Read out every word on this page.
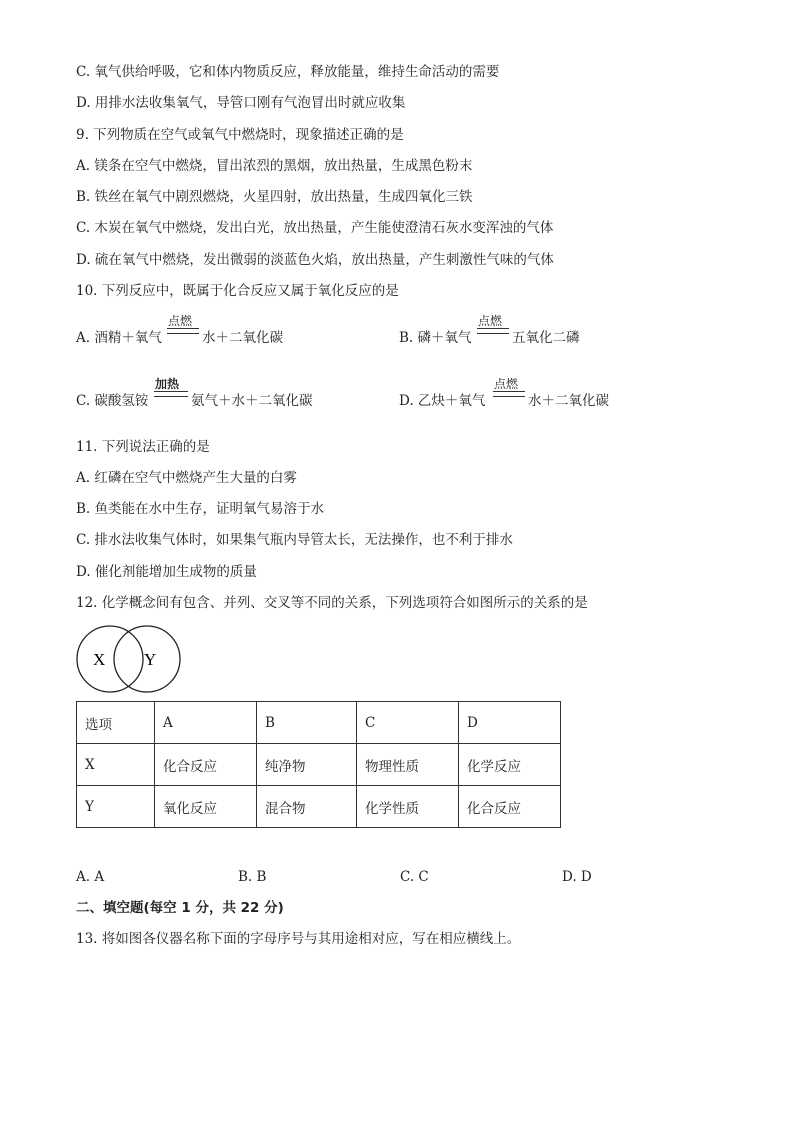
C. 氧气供给呼吸，它和体内物质反应，释放能量，维持生命活动的需要
D. 用排水法收集氧气，导管口刚有气泡冒出时就应收集
9. 下列物质在空气或氧气中燃烧时，现象描述正确的是
A. 镁条在空气中燃烧，冒出浓烈的黑烟，放出热量，生成黑色粉末
B. 铁丝在氧气中剧烈燃烧，火星四射，放出热量，生成四氧化三铁
C. 木炭在氧气中燃烧，发出白光，放出热量，产生能使澄清石灰水变浑浊的气体
D. 硫在氧气中燃烧，发出微弱的淡蓝色火焰，放出热量，产生刺激性气味的气体
10. 下列反应中，既属于化合反应又属于氧化反应的是
A. 酒精＋氧气
点燃
水＋二氧化碳	B. 磷＋氧气
点燃
五氧化二磷
C. 碳酸氢铵
加热
氨气＋水＋二氧化碳	D. 乙炔＋氧气
点燃
水＋二氧化碳
11. 下列说法正确的是
A. 红磷在空气中燃烧产生大量的白雾
B. 鱼类能在水中生存，证明氧气易溶于水
C. 排水法收集气体时，如果集气瓶内导管太长，无法操作，也不利于排水
D. 催化剂能增加生成物的质量
12. 化学概念间有包含、并列、交叉等不同的关系，下列选项符合如图所示的关系的是
X Y
选项	A	B	C	D
X	化合反应	纯净物	物理性质	化学反应
Y	氧化反应	混合物	化学性质	化合反应
A. A	B. B	C. C	D. D
二、填空题(每空 1 分，共 22 分)
13. 将如图各仪器名称下面的字母序号与其用途相对应，写在相应横线上。
